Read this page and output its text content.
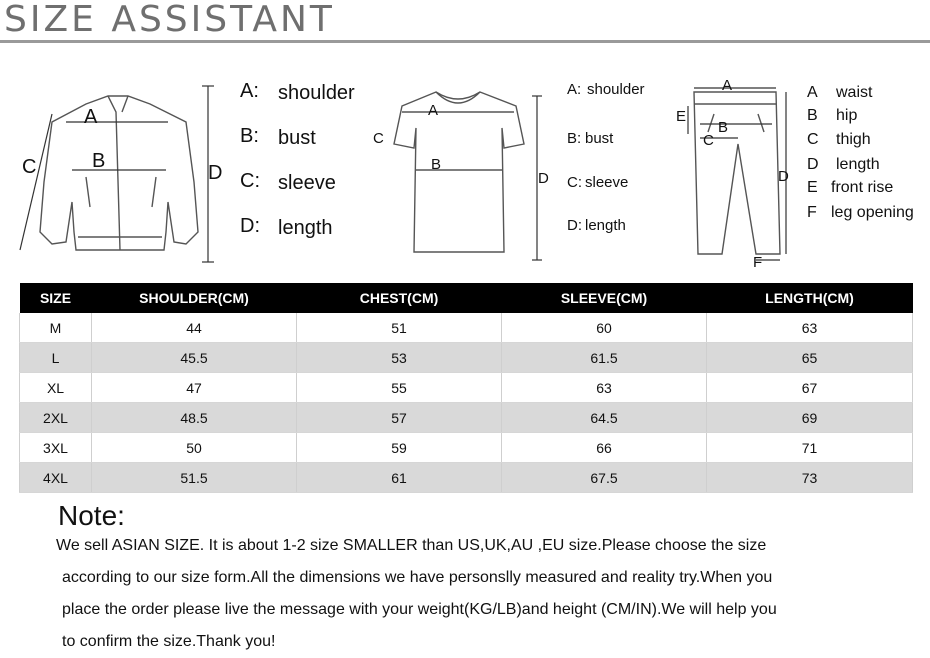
SIZE ASSISTANT
A
B
C	D
A: shoulder
B: bust
C: sleeve
D: length
A
B
C
D
A: shoulder
B: bust
C: sleeve
D: length
A
B
C
D
E
F
A waist
B hip
C thigh
D length
E front rise
F leg opening
SIZE	SHOULDER(CM)	CHEST(CM)	SLEEVE(CM)	LENGTH(CM)
M	44	51	60	63
L	45.5	53	61.5	65
XL	47	55	63	67
2XL	48.5	57	64.5	69
3XL	50	59	66	71
4XL	51.5	61	67.5	73
Note:
We sell ASIAN SIZE. It is about 1-2 size SMALLER than US,UK,AU ,EU size.Please choose the size
according to our size form.All the dimensions we have personslly measured and reality try.When you
place the order please live the message with your weight(KG/LB)and height (CM/IN).We will help you
to confirm the size.Thank you!
